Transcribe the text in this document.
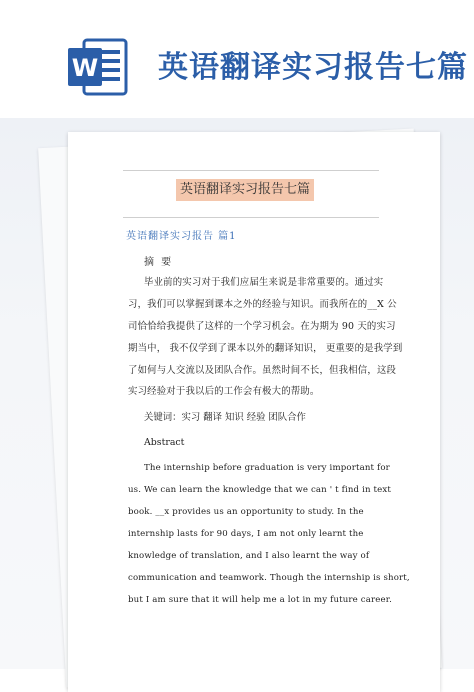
W 英语翻译实习报告七篇
英语翻译实习报告七篇
英语翻译实习报告 篇1
摘 要
毕业前的实习对于我们应届生来说是非常重要的。通过实
习，我们可以掌握到课本之外的经验与知识。而我所在的__X 公
司恰恰给我提供了这样的一个学习机会。在为期为 90 天的实习
期当中， 我不仅学到了课本以外的翻译知识， 更重要的是我学到
了如何与人交流以及团队合作。虽然时间不长，但我相信，这段
实习经验对于我以后的工作会有极大的帮助。
关键词：实习 翻译 知识 经验 团队合作
Abstract
The internship before graduation is very important for
us. We can learn the knowledge that we can ' t find in text
book. __x provides us an opportunity to study. In the
internship lasts for 90 days, I am not only learnt the
knowledge of translation, and I also learnt the way of
communication and teamwork. Though the internship is short,
but I am sure that it will help me a lot in my future career.
